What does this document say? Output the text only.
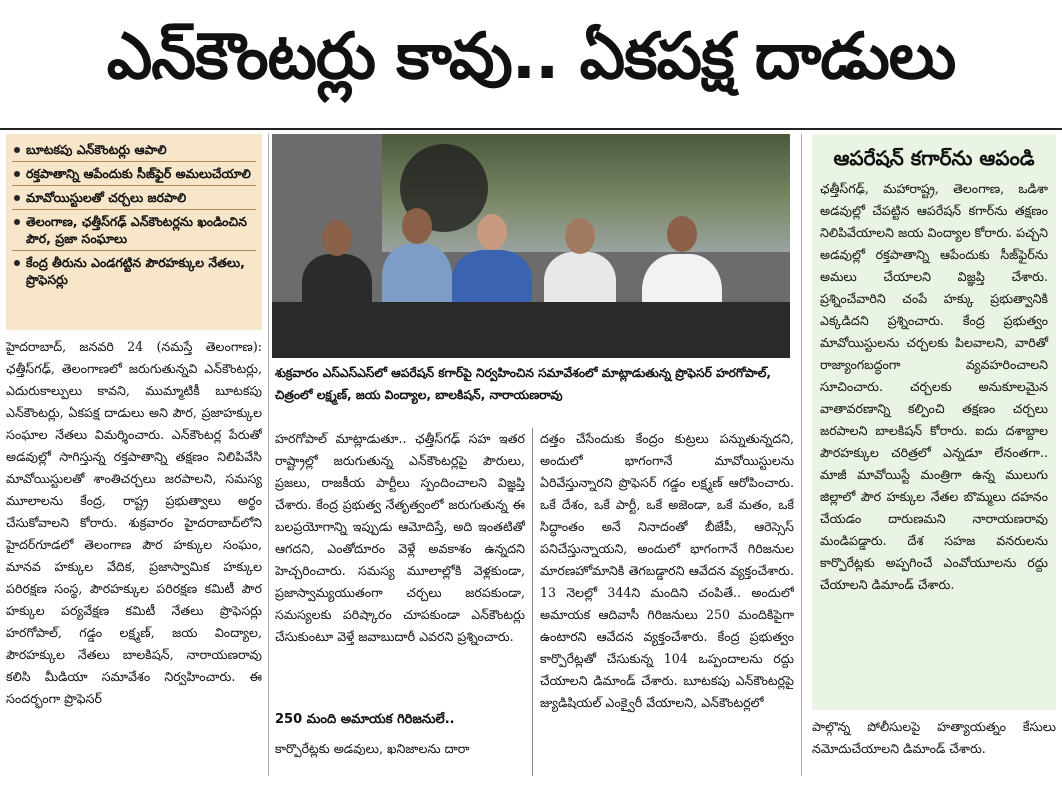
ఎన్‌కౌంటర్లు కావు.. ఏకపక్ష దాడులు
బూటకపు ఎన్‌కౌంటర్లు ఆపాలి
రక్తపాతాన్ని ఆపేందుకు సీజ్‌ఫైర్ అమలుచేయాలి
మావోయిస్టులతో చర్చలు జరపాలి
తెలంగాణ, ఛత్తీస్‌గఢ్ ఎన్‌కౌంటర్లను ఖండించిన పౌర, ప్రజా సంఘాలు
కేంద్ర తీరును ఎండగట్టిన పౌరహక్కుల నేతలు, ప్రొఫెసర్లు
హైదరాబాద్, జనవరి 24 (నమస్తే తెలంగాణ): ఛత్తీస్‌గఢ్, తెలంగాణలో జరుగుతున్నవి ఎన్‌కౌంటర్లు, ఎదురుకాల్పులు కావని, ముమ్మాటికీ బూటకపు ఎన్‌కౌంటర్లు, ఏకపక్ష దాడులు అని పౌర, ప్రజాహక్కుల సంఘాల నేతలు విమర్శించారు. ఎన్‌కౌంటర్ల పేరుతో అడవుల్లో సాగిస్తున్న రక్తపాతాన్ని తక్షణం నిలిపివేసి మావోయిస్టులతో శాంతిచర్చలు జరపాలని, సమస్య మూలాలను కేంద్ర, రాష్ట్ర ప్రభుత్వాలు అర్థం చేసుకోవాలని కోరారు. శుక్రవారం హైదరాబాద్‌లోని హైదర్‌గూడలో తెలంగాణ పౌర హక్కుల సంఘం, మానవ హక్కుల వేదిక, ప్రజాస్వామిక హక్కుల పరిరక్షణ సంస్థ, పౌరహక్కుల పరిరక్షణ కమిటీ పౌర హక్కుల పర్యవేక్షణ కమిటీ నేతలు ప్రొఫెసర్లు హరగోపాల్, గడ్డం లక్ష్మణ్, జయ వింద్యాల, పౌరహక్కుల నేతలు బాలకిషన్, నారాయణరావు కలిసి మీడియా సమావేశం నిర్వహించారు. ఈ సందర్భంగా ప్రొఫెసర్
శుక్రవారం ఎస్‌ఎస్‌ఎస్‌లో ఆపరేషన్ కగార్‌పై నిర్వహించిన సమావేశంలో మాట్లాడుతున్న ప్రొఫెసర్ హరగోపాల్, చిత్రంలో లక్ష్మణ్, జయ వింద్యాల, బాలకిషన్, నారాయణరావు
హరగోపాల్ మాట్లాడుతూ.. ఛత్తీస్‌గఢ్ సహ ఇతర రాష్ట్రాల్లో జరుగుతున్న ఎన్‌కౌంటర్లపై పౌరులు, ప్రజలు, రాజకీయ పార్టీలు స్పందించాలని విజ్ఞప్తి చేశారు. కేంద్ర ప్రభుత్వ నేతృత్వంలో జరుగుతున్న ఈ బలప్రయోగాన్ని ఇప్పుడు ఆమోదిస్తే, అది ఇంతటితో ఆగదని, ఎంతోదూరం వెళ్లే అవకాశం ఉన్నదని హెచ్చరించారు. సమస్య మూలాల్లోకి వెళ్లకుండా, ప్రజాస్వామ్యయుతంగా చర్చలు జరపకుండా, సమస్యలకు పరిష్కారం చూపకుండా ఎన్‌కౌంటర్లు చేసుకుంటూ వెళ్తే జవాబుదారీ ఎవరని ప్రశ్నించారు.
250 మంది అమాయక గిరిజనులే..
కార్పొరేట్లకు అడవులు, ఖనిజాలను దారా
దత్తం చేసేందుకు కేంద్రం కుట్రలు పన్నుతున్నదని, అందులో భాగంగానే మావోయిస్టులను ఏరివేస్తున్నారని ప్రొఫెసర్ గడ్డం లక్ష్మణ్ ఆరోపించారు. ఒకే దేశం, ఒకే పార్టీ, ఒకే అజెండా, ఒకే మతం, ఒకే సిద్ధాంతం అనే నినాదంతో బీజేపీ, ఆరెస్సెస్ పనిచేస్తున్నాయని, అందులో భాగంగానే గిరిజనుల మారణహోమానికి తెగబడ్డారని ఆవేదన వ్యక్తంచేశారు. 13 నెలల్లో 344ని మందిని చంపితే.. అందులో అమాయక ఆదివాసీ గిరిజనులు 250 మందికిపైగా ఉంటారని ఆవేదన వ్యక్తంచేశారు. కేంద్ర ప్రభుత్వం కార్పొరేట్లతో చేసుకున్న 104 ఒప్పందాలను రద్దు చేయాలని డిమాండ్ చేశారు. బూటకపు ఎన్‌కౌంటర్లపై జ్యుడిషియల్ ఎంక్వైరీ వేయాలని, ఎన్‌కౌంటర్లలో
ఆపరేషన్ కగార్‌ను ఆపండి
ఛత్తీస్‌గఢ్, మహారాష్ట్ర, తెలంగాణ, ఒడిశా అడవుల్లో చేపట్టిన ఆపరేషన్ కగార్‌ను తక్షణం నిలిపివేయాలని జయ వింద్యాల కోరారు. పచ్చని అడవుల్లో రక్తపాతాన్ని ఆపేందుకు సీజ్‌ఫైర్‌ను అమలు చేయాలని విజ్ఞప్తి చేశారు. ప్రశ్నించేవారిని చంపే హక్కు ప్రభుత్వానికి ఎక్కడిదని ప్రశ్నించారు. కేంద్ర ప్రభుత్వం మావోయిస్టులను చర్చలకు పిలవాలని, వారితో రాజ్యాంగబద్ధంగా వ్యవహరించాలని సూచించారు. చర్చలకు అనుకూలమైన వాతావరణాన్ని కల్పించి తక్షణం చర్చలు జరపాలని బాలకిషన్ కోరారు. ఐదు దశాబ్దాల పౌరహక్కుల చరిత్రలో ఎన్నడూ లేనంతగా.. మాజీ మావోయిస్టే మంత్రిగా ఉన్న ములుగు జిల్లాలో పౌర హక్కుల నేతల బొమ్మలు దహనం చేయడం దారుణమని నారాయణరావు మండిపడ్డారు. దేశ సహజ వనరులను కార్పొరేట్లకు అప్పగించే ఎంవోయూలను రద్దు చేయాలని డిమాండ్ చేశారు.
పాల్గొన్న పోలీసులపై హత్యాయత్నం కేసులు నమోదుచేయాలని డిమాండ్ చేశారు.
